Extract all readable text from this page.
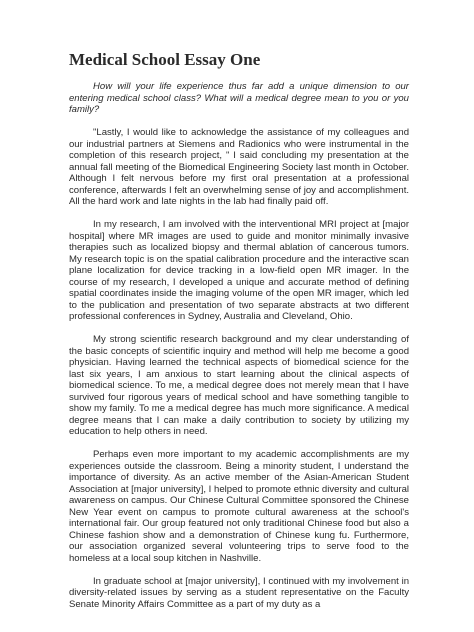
Medical School Essay One

How will your life experience thus far add a unique dimension to our entering medical school class? What will a medical degree mean to you or you family?

"Lastly, I would like to acknowledge the assistance of my colleagues and our industrial partners at Siemens and Radionics who were instrumental in the completion of this research project, " I said concluding my presentation at the annual fall meeting of the Biomedical Engineering Society last month in October. Although I felt nervous before my first oral presentation at a professional conference, afterwards I felt an overwhelming sense of joy and accomplishment. All the hard work and late nights in the lab had finally paid off.

In my research, I am involved with the interventional MRI project at [major hospital] where MR images are used to guide and monitor minimally invasive therapies such as localized biopsy and thermal ablation of cancerous tumors. My research topic is on the spatial calibration procedure and the interactive scan plane localization for device tracking in a low-field open MR imager. In the course of my research, I developed a unique and accurate method of defining spatial coordinates inside the imaging volume of the open MR imager, which led to the publication and presentation of two separate abstracts at two different professional conferences in Sydney, Australia and Cleveland, Ohio.

My strong scientific research background and my clear understanding of the basic concepts of scientific inquiry and method will help me become a good physician. Having learned the technical aspects of biomedical science for the last six years, I am anxious to start learning about the clinical aspects of biomedical science. To me, a medical degree does not merely mean that I have survived four rigorous years of medical school and have something tangible to show my family. To me a medical degree has much more significance. A medical degree means that I can make a daily contribution to society by utilizing my education to help others in need.

Perhaps even more important to my academic accomplishments are my experiences outside the classroom. Being a minority student, I understand the importance of diversity. As an active member of the Asian-American Student Association at [major university], I helped to promote ethnic diversity and cultural awareness on campus. Our Chinese Cultural Committee sponsored the Chinese New Year event on campus to promote cultural awareness at the school's international fair. Our group featured not only traditional Chinese food but also a Chinese fashion show and a demonstration of Chinese kung fu. Furthermore, our association organized several volunteering trips to serve food to the homeless at a local soup kitchen in Nashville.

In graduate school at [major university], I continued with my involvement in diversity-related issues by serving as a student representative on the Faculty Senate Minority Affairs Committee as a part of my duty as a
